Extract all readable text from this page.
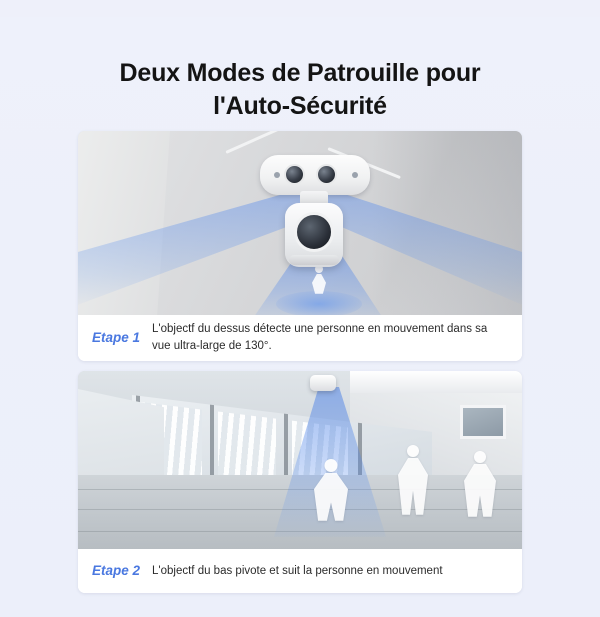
Deux Modes de Patrouille pour
l'Auto-Sécurité
Etape 1
L'objectf du dessus détecte une personne en mouvement dans sa vue ultra-large de 130°.
Etape 2 L'objectf du bas pivote et suit la personne en mouvement
